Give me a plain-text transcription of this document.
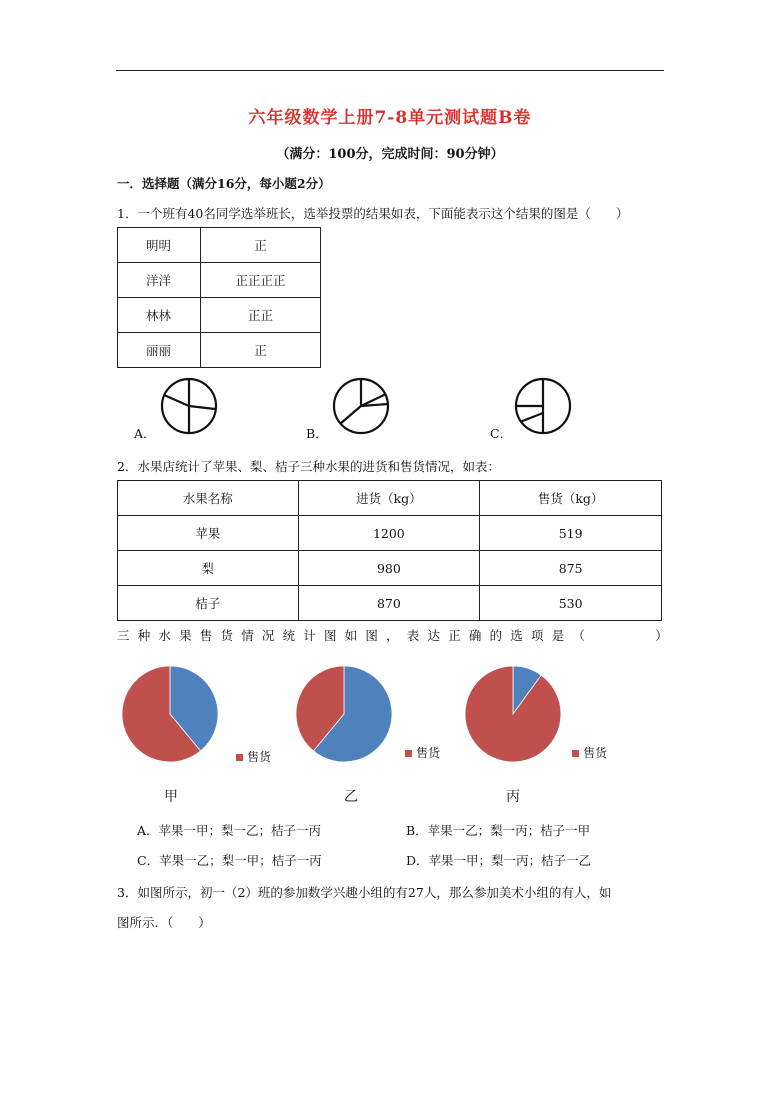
六年级数学上册7-8单元测试题B卷
（满分：100分，完成时间：90分钟）
一．选择题（满分16分，每小题2分）
1．一个班有40名同学选举班长，选举投票的结果如表，下面能表示这个结果的图是（　　）
明明	正
洋洋	正正正正
林林	正正
丽丽	正
A．	B．	C．
2．水果店统计了苹果、梨、桔子三种水果的进货和售货情况，如表：
水果名称	进货（kg）	售货（kg）
苹果	1200	519
梨	980	875
桔子	870	530
三种水果售货情况统计图如图，表达正确的选项是（　　　）
售货
甲
售货
乙
售货
丙
A．苹果一甲；梨一乙；桔子一丙	B．苹果一乙；梨一丙；桔子一甲
C．苹果一乙；梨一甲；桔子一丙	D．苹果一甲；梨一丙；桔子一乙
3．如图所示，初一（2）班的参加数学兴趣小组的有27人，那么参加美术小组的有人，如
图所示．（　　）
